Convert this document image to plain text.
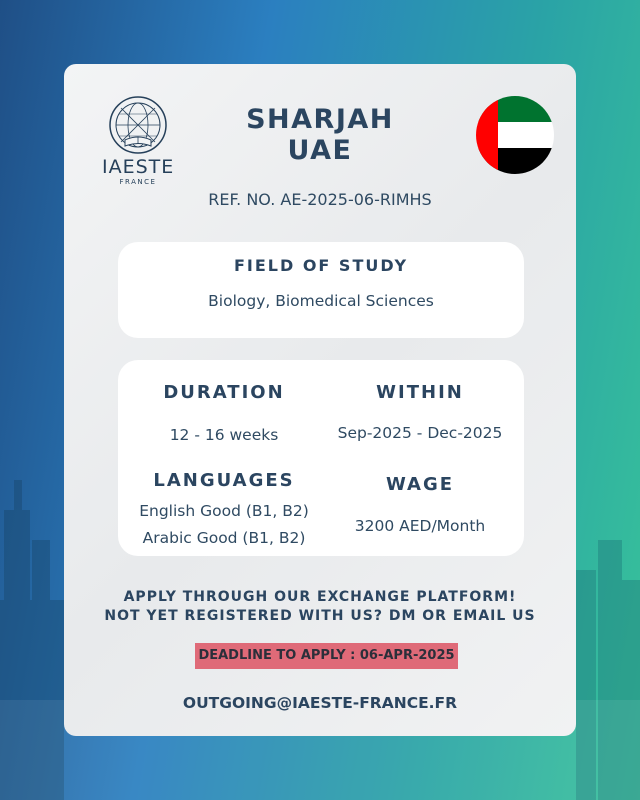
IAESTE
FRANCE
SHARJAH
UAE
REF. NO. AE-2025-06-RIMHS
FIELD OF STUDY
Biology, Biomedical Sciences
DURATION
12 - 16 weeks
WITHIN
Sep-2025 - Dec-2025
LANGUAGES
English Good (B1, B2)
Arabic Good (B1, B2)
WAGE
3200 AED/Month
APPLY THROUGH OUR EXCHANGE PLATFORM!
NOT YET REGISTERED WITH US? DM OR EMAIL US
DEADLINE TO APPLY : 06-APR-2025
OUTGOING@IAESTE-FRANCE.FR
